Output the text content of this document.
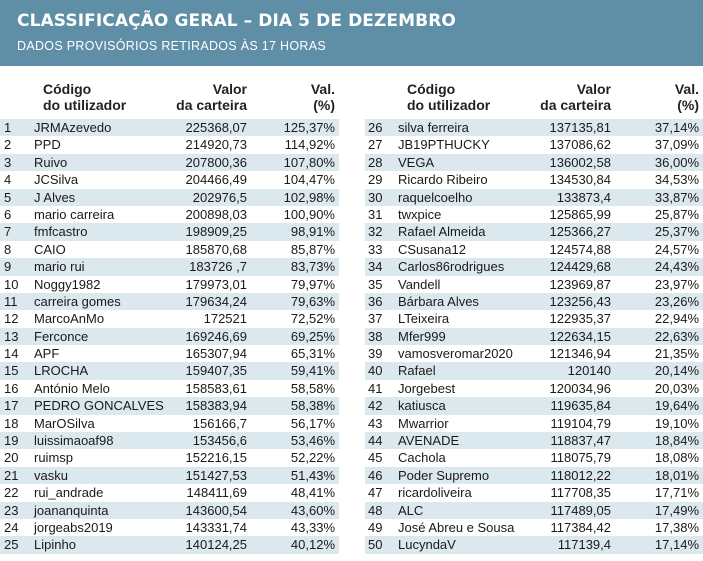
CLASSIFICAÇÃO GERAL – DIA 5 DE DEZEMBRO
DADOS PROVISÓRIOS RETIRADOS ÀS 17 HORAS
Código
do utilizador
Valor
da carteira
Val.
(%)
1	JRMAzevedo	225368,07	125,37%
2	PPD	214920,73	114,92%
3	Ruivo	207800,36	107,80%
4	JCSilva	204466,49	104,47%
5	J Alves	202976,5	102,98%
6	mario carreira	200898,03	100,90%
7	fmfcastro	198909,25	98,91%
8	CAIO	185870,68	85,87%
9	mario rui	183726 ,7	83,73%
10	Noggy1982	179973,01	79,97%
11	carreira gomes	179634,24	79,63%
12	MarcoAnMo	172521	72,52%
13	Ferconce	169246,69	69,25%
14	APF	165307,94	65,31%
15	LROCHA	159407,35	59,41%
16	António Melo	158583,61	58,58%
17	PEDRO GONCALVES 158383,94	58,38%
18	MarOSilva	156166,7	56,17%
19	luissimaoaf98	153456,6	53,46%
20	ruimsp	152216,15	52,22%
21	vasku	151427,53	51,43%
22	rui_andrade	148411,69	48,41%
23	joananquinta	143600,54	43,60%
24	jorgeabs2019	143331,74	43,33%
25	Lipinho	140124,25	40,12%
Código
do utilizador
Valor
da carteira
Val.
(%)
26	silva ferreira	137135,81	37,14%
27	JB19PTHUCKY	137086,62	37,09%
28	VEGA	136002,58	36,00%
29	Ricardo Ribeiro	134530,84	34,53%
30	raquelcoelho	133873,4	33,87%
31	twxpice	125865,99	25,87%
32	Rafael Almeida	125366,27	25,37%
33	CSusana12	124574,88	24,57%
34	Carlos86rodrigues	124429,68	24,43%
35	Vandell	123969,87	23,97%
36	Bárbara Alves	123256,43	23,26%
37	LTeixeira	122935,37	22,94%
38	Mfer999	122634,15	22,63%
39	vamosveromar2020	121346,94	21,35%
40	Rafael	120140	20,14%
41	Jorgebest	120034,96	20,03%
42	katiusca	119635,84	19,64%
43	Mwarrior	119104,79	19,10%
44	AVENADE	118837,47	18,84%
45	Cachola	118075,79	18,08%
46	Poder Supremo	118012,22	18,01%
47	ricardoliveira	117708,35	17,71%
48	ALC	117489,05	17,49%
49	José Abreu e Sousa	117384,42	17,38%
50	LucyndaV	117139,4	17,14%
